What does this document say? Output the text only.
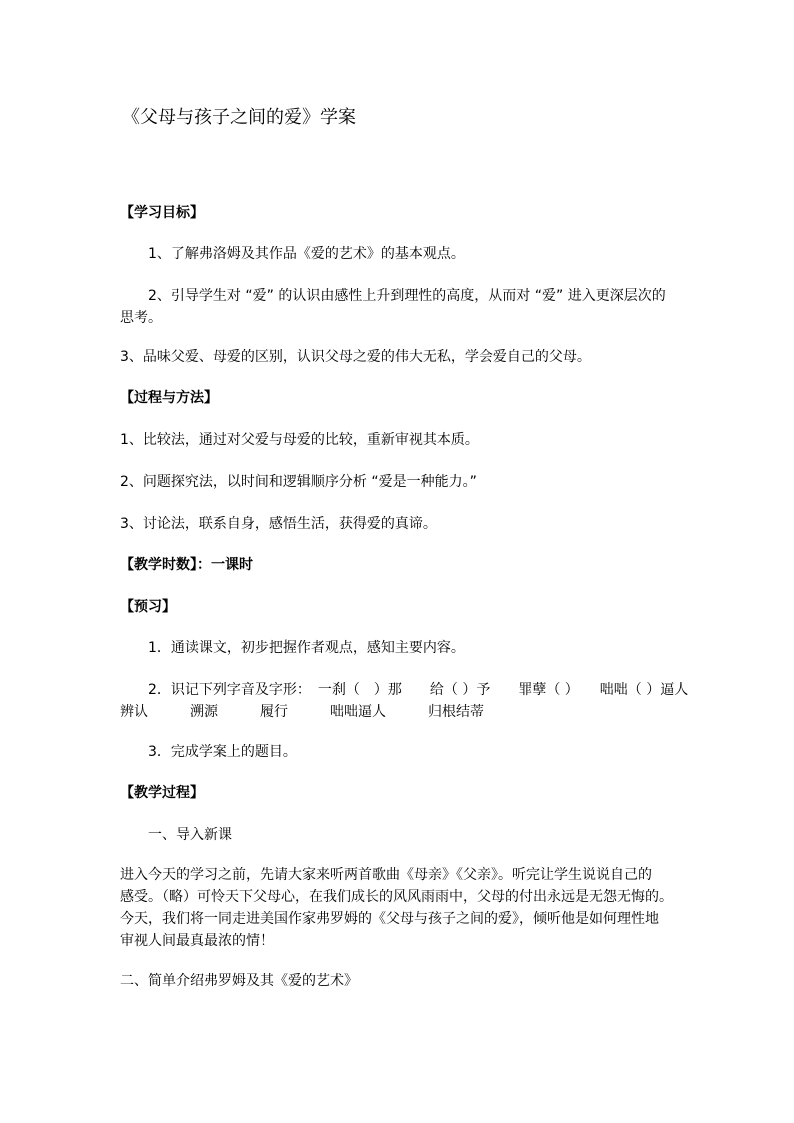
《父母与孩子之间的爱》学案
【学习目标】
1、了解弗洛姆及其作品《爱的艺术》的基本观点。
2、引导学生对 “爱” 的认识由感性上升到理性的高度，从而对 “爱” 进入更深层次的
思考。
3、品味父爱、母爱的区别，认识父母之爱的伟大无私，学会爱自己的父母。
【过程与方法】
1、比较法，通过对父爱与母爱的比较，重新审视其本质。
2、问题探究法，以时间和逻辑顺序分析 “爱是一种能力。”
3、讨论法，联系自身，感悟生活，获得爱的真谛。
【教学时数】：一课时
【预习】
1．通读课文，初步把握作者观点，感知主要内容。
2．识记下列字音及字形：　一刹（　）那　　给（ ）予　　罪孽（ ）　　咄咄（ ）逼人
辨认　　　溯源　　　履行　　　咄咄逼人　　　归根结蒂
3．完成学案上的题目。
【教学过程】
一、导入新课
进入今天的学习之前，先请大家来听两首歌曲《母亲》《父亲》。听完让学生说说自己的
感受。（略）可怜天下父母心，在我们成长的风风雨雨中，父母的付出永远是无怨无悔的。
今天，我们将一同走进美国作家弗罗姆的《父母与孩子之间的爱》，倾听他是如何理性地
审视人间最真最浓的情！
二、简单介绍弗罗姆及其《爱的艺术》
